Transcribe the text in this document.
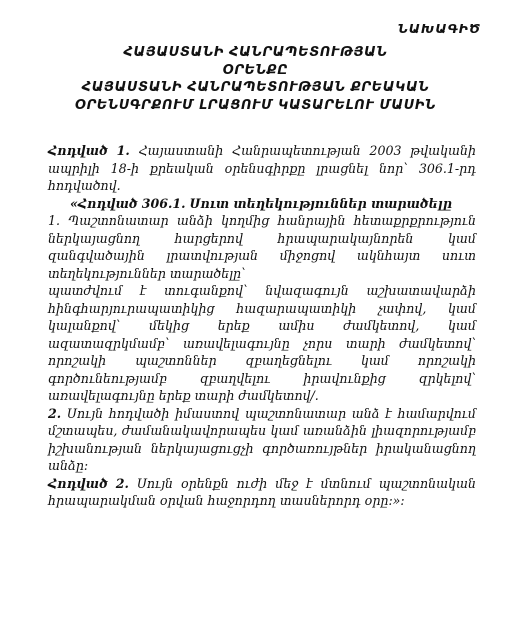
ՆԱԽԱԳԻԾ
ՀԱՅԱՍՏԱՆԻ ՀԱՆՐԱՊԵՏՈՒԹՅԱՆ
ՕՐԵՆՔԸ
ՀԱՅԱՍՏԱՆԻ ՀԱՆՐԱՊԵՏՈՒԹՅԱՆ ՔՐԵԱԿԱՆ
ՕՐԵՆՍԳՐՔՈՒՄ ԼՐԱՑՈՒՄ ԿԱՏԱՐԵԼՈՒ ՄԱՍԻՆ

Հոդված 1. Հայաստանի Հանրապետության 2003 թվականի ապրիլի 18-ի քրեական օրենսգիրքը լրացնել նոր՝ 306.1-րդ հոդվածով.

«Հոդված 306.1. Սուտ տեղեկություններ տարածելը

1. Պաշտոնատար անձի կողմից հանրային հետաքրքրություն ներկայացնող հարցերով հրապարակայնորեն կամ զանգվածային լրատվության միջոցով ակնհայտ սուտ տեղեկություններ տարածելը՝

պատժվում է տուգանքով՝ նվազագույն աշխատավարձի հինգհարյուրապատիկից հազարապատիկի չափով, կամ կալանքով՝ մեկից երեք ամիս ժամկետով, կամ ազատազրկմամբ՝ առավելագույնը չորս տարի ժամկետով՝ որոշակի պաշտոններ զբաղեցնելու կամ որոշակի գործունեությամբ զբաղվելու իրավունքից զրկելով՝ առավելագույնը երեք տարի ժամկետով/.

2. Սույն հոդվածի իմաստով պաշտոնատար անձ է համարվում մշտապես, ժամանակավորապես կամ առանձին լիազորությամբ իշխանության ներկայացուցչի գործառույթներ իրականացնող անձը:

Հոդված 2. Սույն օրենքն ուժի մեջ է մտնում պաշտոնական հրապարակման օրվան հաջորդող տասներորդ օրը:»:
